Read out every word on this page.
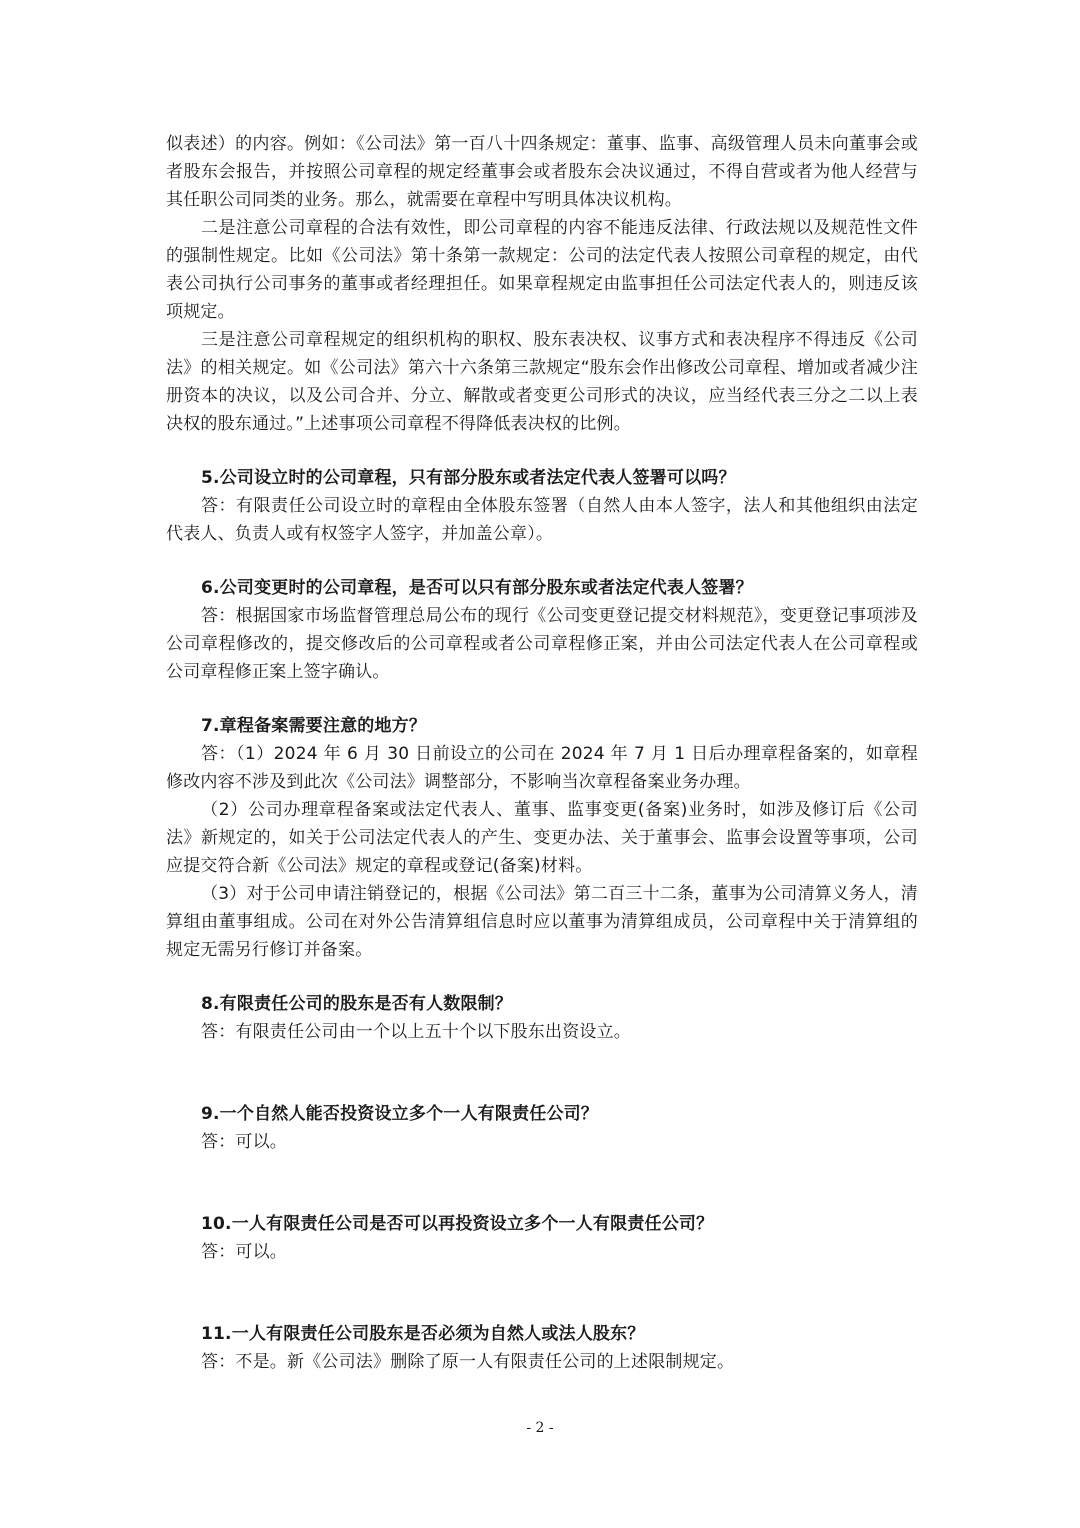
似表述）的内容。例如：《公司法》第一百八十四条规定：董事、监事、高级管理人员未向董事会或者股东会报告，并按照公司章程的规定经董事会或者股东会决议通过，不得自营或者为他人经营与其任职公司同类的业务。那么，就需要在章程中写明具体决议机构。

二是注意公司章程的合法有效性，即公司章程的内容不能违反法律、行政法规以及规范性文件的强制性规定。比如《公司法》第十条第一款规定：公司的法定代表人按照公司章程的规定，由代表公司执行公司事务的董事或者经理担任。如果章程规定由监事担任公司法定代表人的，则违反该项规定。

三是注意公司章程规定的组织机构的职权、股东表决权、议事方式和表决程序不得违反《公司法》的相关规定。如《公司法》第六十六条第三款规定“股东会作出修改公司章程、增加或者减少注册资本的决议，以及公司合并、分立、解散或者变更公司形式的决议，应当经代表三分之二以上表决权的股东通过。”上述事项公司章程不得降低表决权的比例。

5.公司设立时的公司章程，只有部分股东或者法定代表人签署可以吗？

答：有限责任公司设立时的章程由全体股东签署（自然人由本人签字，法人和其他组织由法定代表人、负责人或有权签字人签字，并加盖公章）。

6.公司变更时的公司章程，是否可以只有部分股东或者法定代表人签署？

答：根据国家市场监督管理总局公布的现行《公司变更登记提交材料规范》，变更登记事项涉及公司章程修改的，提交修改后的公司章程或者公司章程修正案，并由公司法定代表人在公司章程或公司章程修正案上签字确认。

7.章程备案需要注意的地方？

答：（1）2024 年 6 月 30 日前设立的公司在 2024 年 7 月 1 日后办理章程备案的，如章程修改内容不涉及到此次《公司法》调整部分，不影响当次章程备案业务办理。

（2）公司办理章程备案或法定代表人、董事、监事变更(备案)业务时，如涉及修订后《公司法》新规定的，如关于公司法定代表人的产生、变更办法、关于董事会、监事会设置等事项，公司应提交符合新《公司法》规定的章程或登记(备案)材料。

（3）对于公司申请注销登记的，根据《公司法》第二百三十二条，董事为公司清算义务人，清算组由董事组成。公司在对外公告清算组信息时应以董事为清算组成员，公司章程中关于清算组的规定无需另行修订并备案。

8.有限责任公司的股东是否有人数限制？

答：有限责任公司由一个以上五十个以下股东出资设立。

9.一个自然人能否投资设立多个一人有限责任公司？

答：可以。

10.一人有限责任公司是否可以再投资设立多个一人有限责任公司？

答：可以。

11.一人有限责任公司股东是否必须为自然人或法人股东？

答：不是。新《公司法》删除了原一人有限责任公司的上述限制规定。

- 2 -
